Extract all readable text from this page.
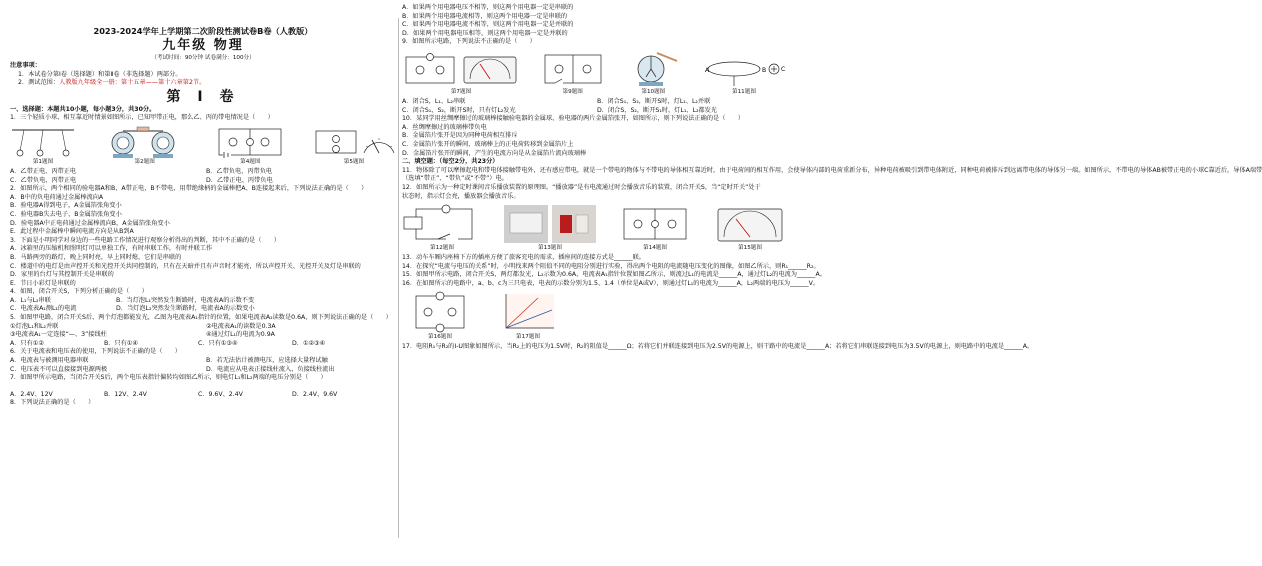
2023-2024学年上学期第二次阶段性测试卷B卷（人教版）
九年级 物理
（考试时间：90分钟 试卷满分：100分）
注意事项：
1．本试卷分第Ⅰ卷（选择题）和第Ⅱ卷（非选择题）两部分。
2．测试范围：人教版九年级全一册：第十五章——第十六章第2节。
第 Ⅰ 卷
一、选择题：本题共10小题，每小题3分，共30分。
1．三个轻质小球，相互靠近时情景如图所示，已知甲带正电，那么乙、丙的带电情况是（　　）
第1题图	第2题图	第4题图	第5题图
A．乙带正电、丙带正电	B．乙带负电、丙带负电
C．乙带负电、丙带正电	D．乙带正电、丙带负电
2．如图所示，两个相同的验电器A和B，A带正电，B不带电，用带绝缘柄的金属棒把A、B连接起来后，下列说法正确的是（　　）
A．B中的负电荷通过金属棒流向A
B．验电器A得到电子，A金属箔张角变小
C．验电器B失去电子，B金属箔张角变小
D．验电器A中正电荷通过金属棒流向B，A金属箔张角变小
E．此过程中金属棒中瞬间电流方向是从B到A
3．下面是小明同学对身边的一些电路工作情况进行观察分析得出的判断，其中不正确的是（　　）
A．冰箱里的压缩机和照明灯可以单独工作，有时串联工作，有时并联工作
B．马路两旁的路灯，晚上同时亮，早上同时熄，它们是串联的
C．楼道中的电灯是由声控开关和光控开关共同控制的，只有在天暗并且有声音时才能亮，所以声控开关、光控开关及灯是串联的
D．家里的台灯与其控制开关是串联的
E．节日小彩灯是串联的
4．如图，闭合开关S，下列分析正确的是（　　）
A．L₁与L₂串联	B．当灯泡L₁突然发生断路时，电流表A的示数不变
C．电流表A₁测L₁的电流	D．当灯泡L₂突然发生断路时，电流表A的示数变小
5．如图甲电路，闭合开关S后，两个灯泡都能发光，乙图为电流表A₁指针的位置，如果电流表A₂读数是0.6A，则下列说法正确的是（　　）
①灯泡L₁和L₂并联	②电流表A₁的读数是0.3A
③电流表A₁一定连接“—、3”接线柱	④通过灯L₁的电流为0.9A
A．只有①②	B．只有①④	C．只有①③④	D．①②③④
6．关于电流表和电压表的使用，下列说法不正确的是（　　）
A．电流表与被测用电器串联	B．若无法估计被测电压，应选择大量程试触
C．电压表不可以直接接到电源两极	D．电流应从电表正接线柱流入，负接线柱流出
7．如图甲所示电路，当闭合开关S后，两个电压表指针偏转均如图乙所示，则电灯L₁和L₂两端的电压分别是（　　）
A．2.4V、12V	B．12V、2.4V	C．9.6V、2.4V	D．2.4V、9.6V
8．下列说法正确的是（　　）
A．如果两个用电器电压不相等，则这两个用电器一定是串联的
B．如果两个用电器电流相等，则这两个用电器一定是串联的
C．如果两个用电器电流不相等，则这两个用电器一定是并联的
D．如果两个用电器电压相等，则这两个用电器一定是并联的
9．如图所示电路，下列说法不正确的是（　　）
第7题图	第9题图	第10题图
A	B C
第11题图
A．闭合S，L₁、L₂串联	B．闭合S₁、S₂，断开S时，灯L₁、L₂并联
C．闭合S₁、S₂，断开S时，只有灯L₂发光	D．闭合S、S₂，断开S₁时，灯L₁、L₂都发光
10．某同学用丝绸摩擦过的玻璃棒接触验电器的金属球，验电器的两片金属箔张开，如图所示，则下列说法正确的是（　　）
A．丝绸摩擦过的玻璃棒带负电
B．金属箔片张开是因为同种电荷相互排斥
C．金属箔片张开的瞬间，玻璃棒上的正电荷转移到金属箔片上
D．金属箔片张开的瞬间，产生的电流方向是从金属箔片流向玻璃棒
二、填空题：（每空2分，共23分）
11．物体除了可以摩擦起电和带电体接触带电外，还有感应带电，就是一个带电的物体与不带电的导体相互靠近时，由于电荷间的相互作用，会使导体内部的电荷重新分布，异种电荷被吸引到带电体附近，同种电荷被排斥到远离带电体的导体另一端。如图所示，不带电的导体AB被带正电的小球C靠近后，导体A端带
（选填“带正”、“带负”或“不带”）电。
12．如图所示为一种定时课间音乐播放装置的原理图。“播放器”是有电流通过时会播放音乐的装置，闭合开关S，当“定时开关”处于
状态时，指示灯会亮，播放器会播放音乐。
第12题图	第13题图	第14题图	第15题图
13．动车车厢内座椅下方的插座方便了旅客充电的需求，插座间的连接方式是______联。
14．在探究“电流与电压的关系”时，小明找来两个阻值不同的电阻分别进行实验，得出两个电阻的电流随电压变化的图像，如图乙所示，则R₁______R₂。
15．如图甲所示电路，闭合开关S，两灯都发光，L₂示数为0.6A，电流表A₁指针位置如图乙所示，则流过L₁的电流是______A，通过灯L₂的电流为______A。
16．在如图所示的电路中，a、b、c为三只电表，电表的示数分别为1.5、1.4（单位是A或V），则通过灯L₁的电流为______A，L₂两端的电压为______V。
第16题图	第17题图
17．电阻R₁与R₂的I-U图象如图所示，当R₂上的电压为1.5V时，R₂的阻值是______Ω；若将它们并联连接到电压为2.5V的电源上，则干路中的电流是______A；若将它们串联连接到电压为3.5V的电源上，则电路中的电流是______A。
